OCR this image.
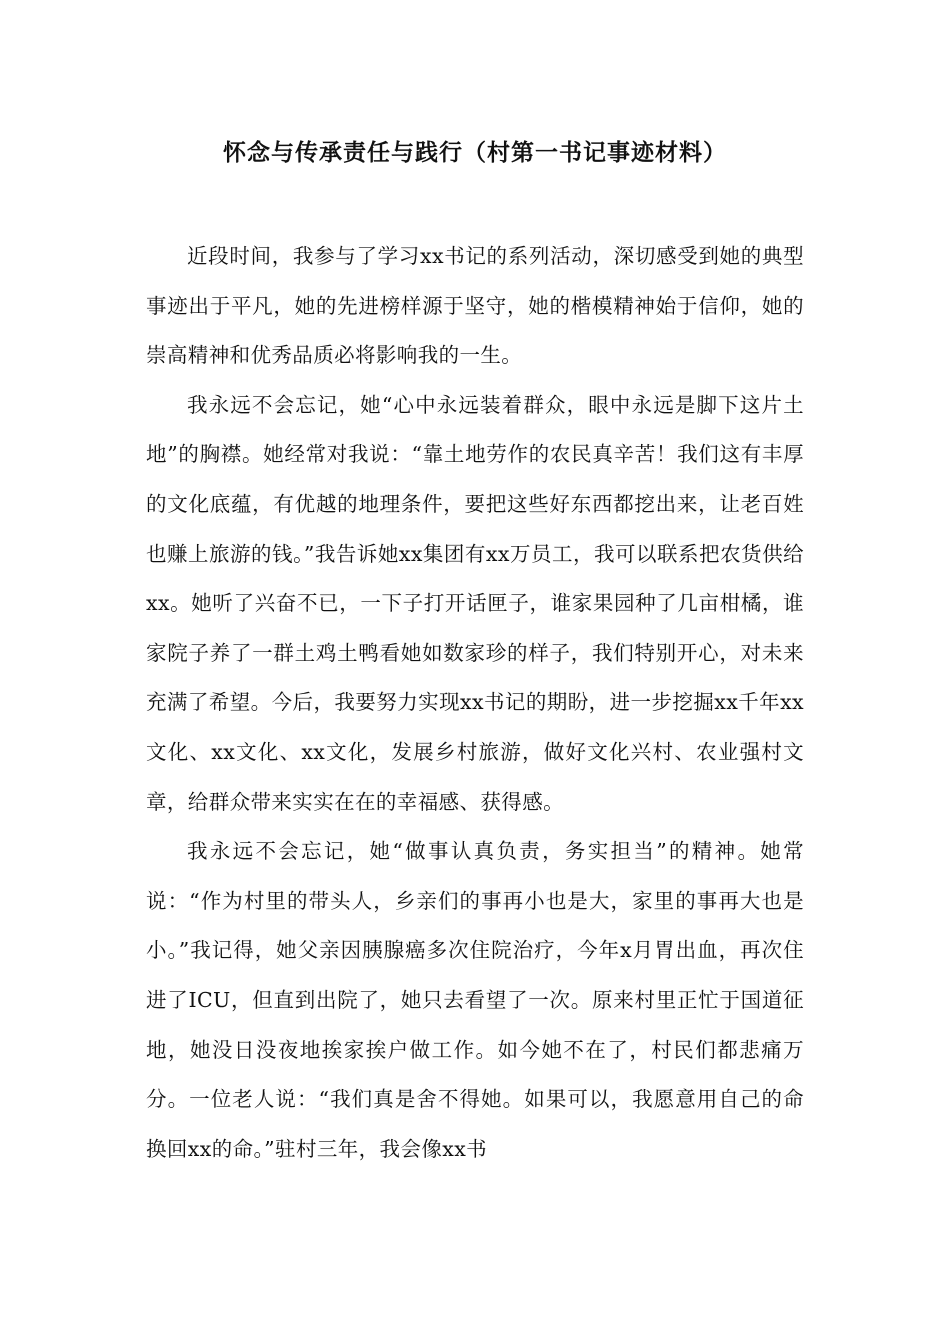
怀念与传承责任与践行（村第一书记事迹材料）

近段时间，我参与了学习xx书记的系列活动，深切感受到她的典型事迹出于平凡，她的先进榜样源于坚守，她的楷模精神始于信仰，她的崇高精神和优秀品质必将影响我的一生。

我永远不会忘记，她“心中永远装着群众，眼中永远是脚下这片土地”的胸襟。她经常对我说：“靠土地劳作的农民真辛苦！我们这有丰厚的文化底蕴，有优越的地理条件，要把这些好东西都挖出来，让老百姓也赚上旅游的钱。”我告诉她xx集团有xx万员工，我可以联系把农货供给xx。她听了兴奋不已，一下子打开话匣子，谁家果园种了几亩柑橘，谁家院子养了一群土鸡土鸭看她如数家珍的样子，我们特别开心，对未来充满了希望。今后，我要努力实现xx书记的期盼，进一步挖掘xx千年xx文化、xx文化、xx文化，发展乡村旅游，做好文化兴村、农业强村文章，给群众带来实实在在的幸福感、获得感。

我永远不会忘记，她“做事认真负责，务实担当”的精神。她常说：“作为村里的带头人，乡亲们的事再小也是大，家里的事再大也是小。”我记得，她父亲因胰腺癌多次住院治疗，今年x月胃出血，再次住进了ICU，但直到出院了，她只去看望了一次。原来村里正忙于国道征地，她没日没夜地挨家挨户做工作。如今她不在了，村民们都悲痛万分。一位老人说：“我们真是舍不得她。如果可以，我愿意用自己的命换回xx的命。”驻村三年，我会像xx书
